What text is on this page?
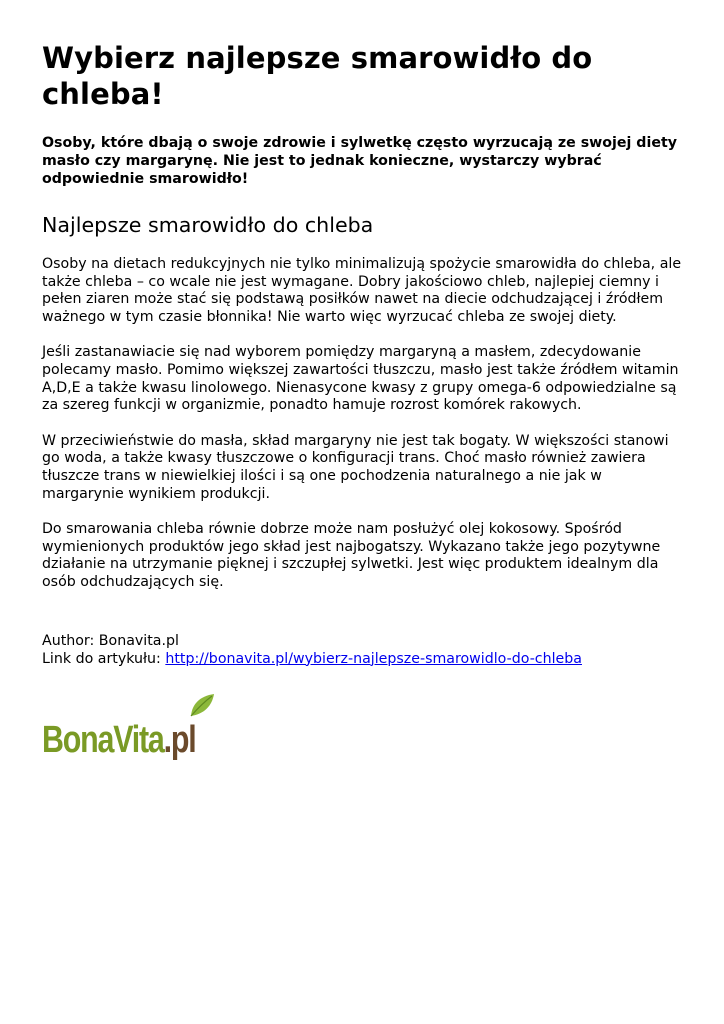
Wybierz najlepsze smarowidło do chleba!

Osoby, które dbają o swoje zdrowie i sylwetkę często wyrzucają ze swojej diety masło czy margarynę. Nie jest to jednak konieczne, wystarczy wybrać odpowiednie smarowidło!

Najlepsze smarowidło do chleba

Osoby na dietach redukcyjnych nie tylko minimalizują spożycie smarowidła do chleba, ale także chleba – co wcale nie jest wymagane. Dobry jakościowo chleb, najlepiej ciemny i pełen ziaren może stać się podstawą posiłków nawet na diecie odchudzającej i źródłem ważnego w tym czasie błonnika! Nie warto więc wyrzucać chleba ze swojej diety.

Jeśli zastanawiacie się nad wyborem pomiędzy margaryną a masłem, zdecydowanie polecamy masło. Pomimo większej zawartości tłuszczu, masło jest także źródłem witamin A,D,E a także kwasu linolowego. Nienasycone kwasy z grupy omega-6 odpowiedzialne są za szereg funkcji w organizmie, ponadto hamuje rozrost komórek rakowych.

W przeciwieństwie do masła, skład margaryny nie jest tak bogaty. W większości stanowi go woda, a także kwasy tłuszczowe o konfiguracji trans. Choć masło również zawiera tłuszcze trans w niewielkiej ilości i są one pochodzenia naturalnego a nie jak w margarynie wynikiem produkcji.

Do smarowania chleba równie dobrze może nam posłużyć olej kokosowy. Spośród wymienionych produktów jego skład jest najbogatszy. Wykazano także jego pozytywne działanie na utrzymanie pięknej i szczupłej sylwetki. Jest więc produktem idealnym dla osób odchudzających się.

Author: Bonavita.pl
Link do artykułu: http://bonavita.pl/wybierz-najlepsze-smarowidlo-do-chleba
BonaVita.pl
